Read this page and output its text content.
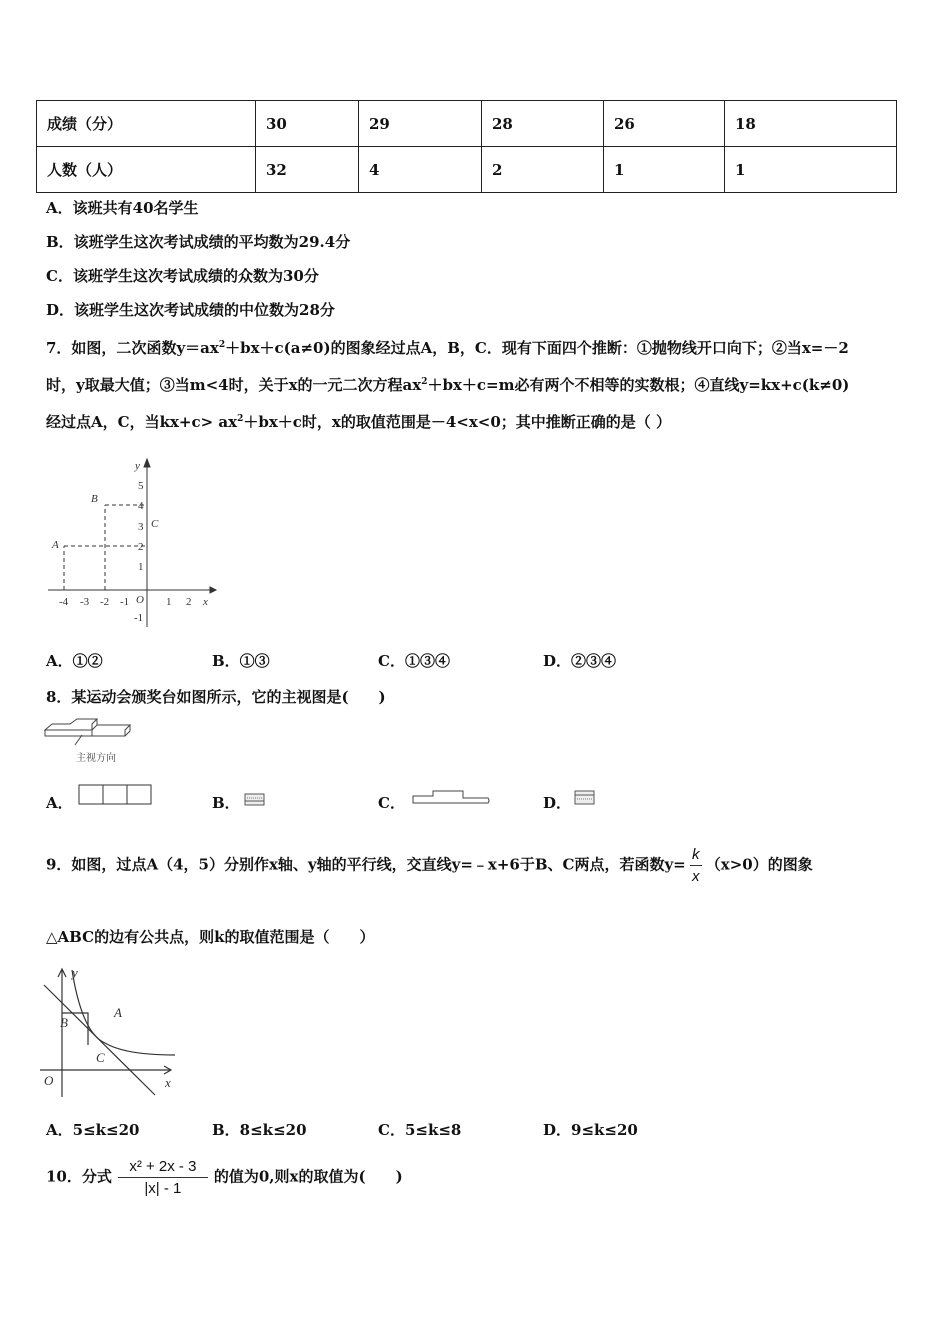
成绩（分）	30	29	28	26	18
人数（人）	32	4	2	1	1
A．该班共有40名学生
B．该班学生这次考试成绩的平均数为29.4分
C．该班学生这次考试成绩的众数为30分
D．该班学生这次考试成绩的中位数为28分
7．如图，二次函数$y=ax^2+bx+c(a\ne 0)$的图象经过点A，B，C．现有下面四个推断：①抛物线开口向下；②当x=－2
时，y取最大值；③当m<4时，关于x的一元二次方程$ax^2+bx+c=m$必有两个不相等的实数根；④直线y=kx+c(k≠0)
经过点A，C，当$kx+c> ax^2+bx+c$时，x的取值范围是－4<x<0；其中推断正确的是（ ）
-4 -3 -2 -1	1 2
1
2
3
4
5
-1
O	x
y
A
B
C
A．①②	B．①③	C．①③④	D．②③④
8．某运动会颁奖台如图所示，它的主视图是(　　)
主视方向
A．	B．	C．	D．
9．如图，过点A（4，5）分别作x轴、y轴的平行线，交直线y=﹣x+6于B、C两点，若函数$y= \frac{k}{x} (x>0)$的图象
△ABC的边有公共点，则k的取值范围是（　　）
y
A
B
C
O	x
A．5≤k≤20	B．8≤k≤20	C．5≤k≤8	D．9≤k≤20
10．分式 $\frac{\text{x² + 2x - 3}}{|x| - 1}$ 的值为0,则x的取值为(　　)
